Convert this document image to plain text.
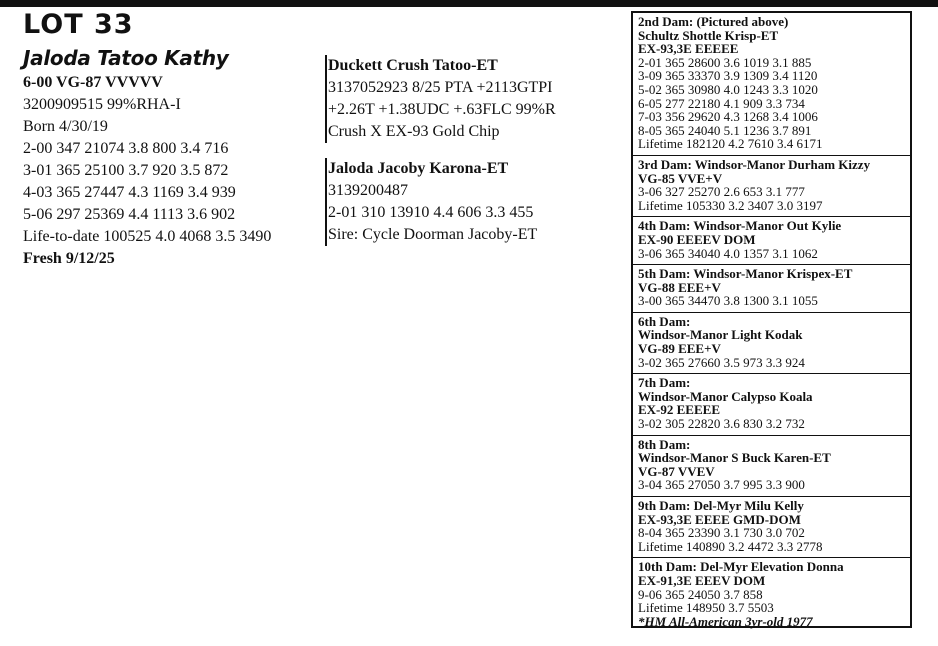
LOT 33
Jaloda Tatoo Kathy
6-00 VG-87 VVVVV
3200909515 99%RHA-I
Born 4/30/19
2-00 347 21074 3.8 800 3.4 716
3-01 365 25100 3.7 920 3.5 872
4-03 365 27447 4.3 1169 3.4 939
5-06 297 25369 4.4 1113 3.6 902
Life-to-date 100525 4.0 4068 3.5 3490
Fresh 9/12/25
Duckett Crush Tatoo-ET
3137052923 8/25 PTA +2113GTPI
+2.26T +1.38UDC +.63FLC 99%R
Crush X EX-93 Gold Chip
Jaloda Jacoby Karona-ET
3139200487
2-01 310 13910 4.4 606 3.3 455
Sire: Cycle Doorman Jacoby-ET
2nd Dam: (Pictured above)
Schultz Shottle Krisp-ET
EX-93,3E EEEEE
2-01 365 28600 3.6 1019 3.1 885
3-09 365 33370 3.9 1309 3.4 1120
5-02 365 30980 4.0 1243 3.3 1020
6-05 277 22180 4.1 909 3.3 734
7-03 356 29620 4.3 1268 3.4 1006
8-05 365 24040 5.1 1236 3.7 891
Lifetime 182120 4.2 7610 3.4 6171
3rd Dam: Windsor-Manor Durham Kizzy
VG-85 VVE+V
3-06 327 25270 2.6 653 3.1 777
Lifetime 105330 3.2 3407 3.0 3197
4th Dam: Windsor-Manor Out Kylie
EX-90 EEEEV DOM
3-06 365 34040 4.0 1357 3.1 1062
5th Dam: Windsor-Manor Krispex-ET
VG-88 EEE+V
3-00 365 34470 3.8 1300 3.1 1055
6th Dam:
Windsor-Manor Light Kodak
VG-89 EEE+V
3-02 365 27660 3.5 973 3.3 924
7th Dam:
Windsor-Manor Calypso Koala
EX-92 EEEEE
3-02 305 22820 3.6 830 3.2 732
8th Dam:
Windsor-Manor S Buck Karen-ET
VG-87 VVEV
3-04 365 27050 3.7 995 3.3 900
9th Dam: Del-Myr Milu Kelly
EX-93,3E EEEE GMD-DOM
8-04 365 23390 3.1 730 3.0 702
Lifetime 140890 3.2 4472 3.3 2778
10th Dam: Del-Myr Elevation Donna
EX-91,3E EEEV DOM
9-06 365 24050 3.7 858
Lifetime 148950 3.7 5503
*HM All-American 3yr-old 1977
